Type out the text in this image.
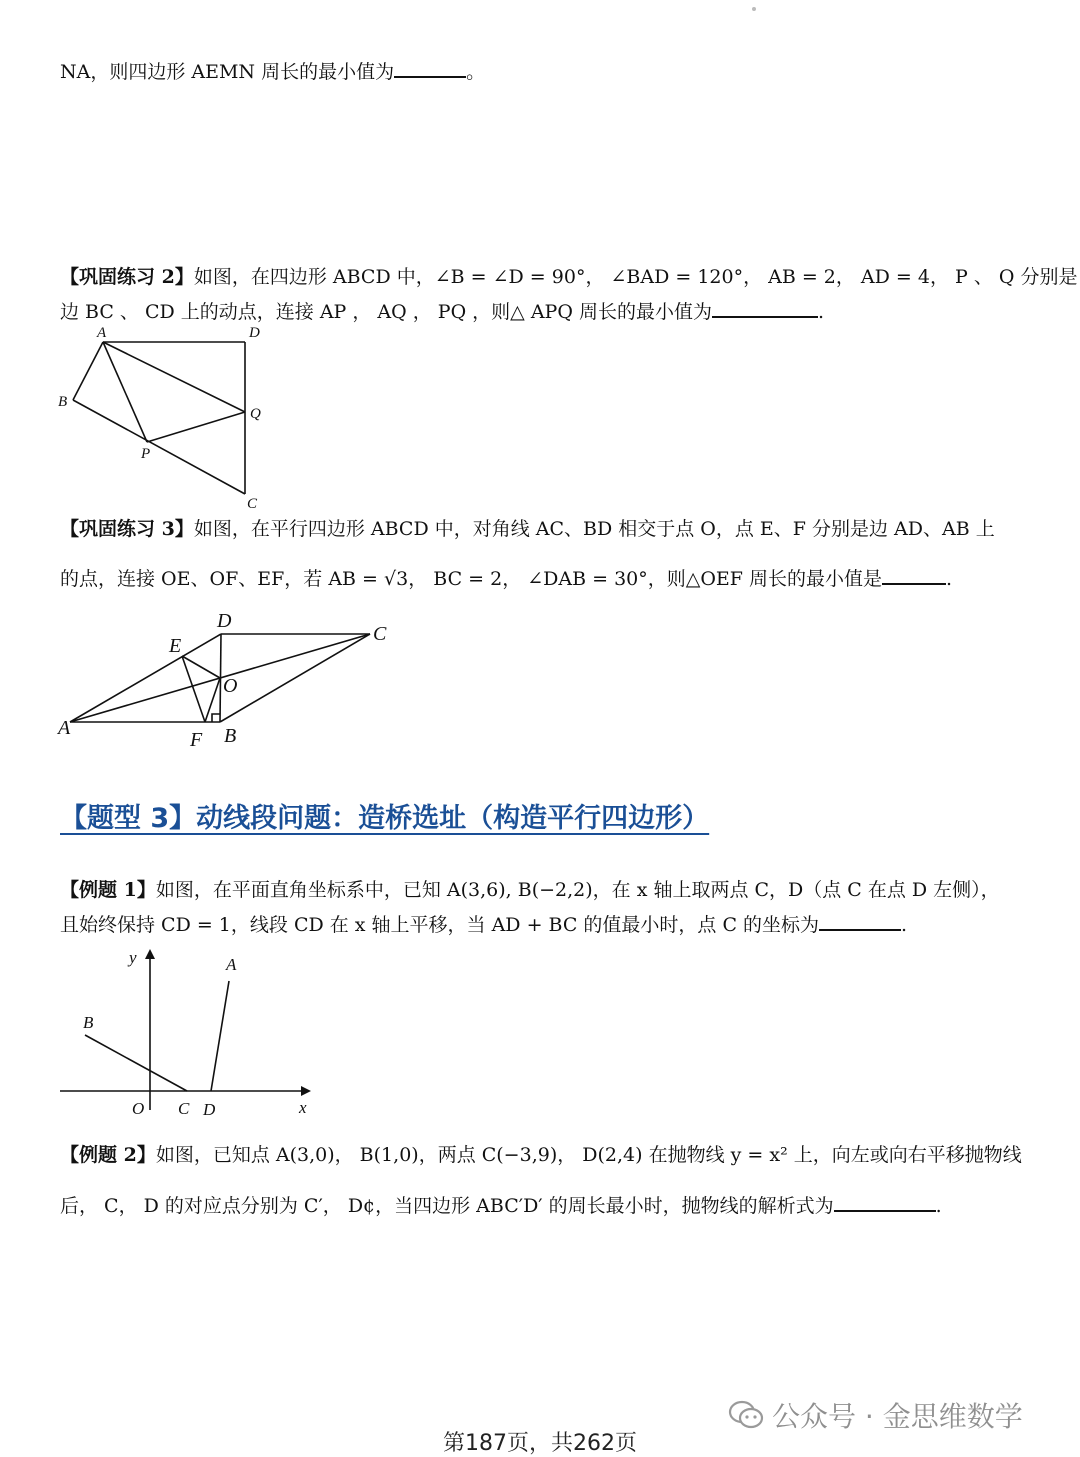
NA，则四边形 AEMN 周长的最小值为	。
【巩固练习 2】如图，在四边形 ABCD 中，∠B = ∠D = 90°， ∠BAD = 120°， AB = 2， AD = 4， P 、 Q 分别是
边 BC 、 CD 上的动点，连接 AP ， AQ ， PQ ，则△ APQ 周长的最小值为	.
A	D
B
Q
P
C
【巩固练习 3】如图，在平行四边形 ABCD 中，对角线 AC、BD 相交于点 O，点 E、F 分别是边 AD、AB 上
的点，连接 OE、OF、EF，若 AB = √3， BC = 2， ∠DAB = 30°，则△OEF 周长的最小值是	.
D
C
E
O
A
F B
【题型 3】动线段问题：造桥选址（构造平行四边形）
【例题 1】如图，在平面直角坐标系中，已知 A(3,6), B(−2,2)，在 x 轴上取两点 C，D（点 C 在点 D 左侧），
且始终保持 CD = 1，线段 CD 在 x 轴上平移，当 AD + BC 的值最小时，点 C 的坐标为	.
y	A
B
O C D	x
【例题 2】如图，已知点 A(3,0)， B(1,0)，两点 C(−3,9)， D(2,4) 在抛物线 y = x² 上，向左或向右平移抛物线
后， C， D 的对应点分别为 C′， D¢，当四边形 ABC′D′ 的周长最小时，抛物线的解析式为	.
公众号 · 金思维数学
第187页，共262页
